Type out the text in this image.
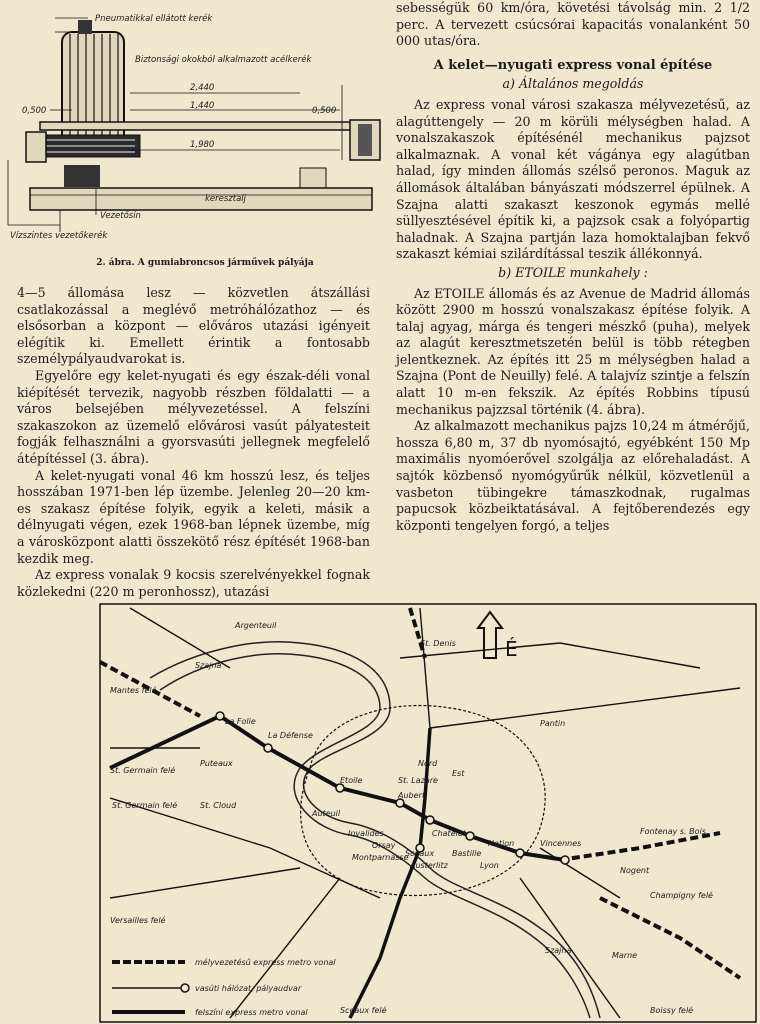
Pneumatikkal ellátott kerék
Biztonsági okokból alkalmazott acélkerék
2,440
1,440
0,500	0,500
1,980
keresztalj
Vezetősín
Vízszintes vezetőkerék
2. ábra. A gumiabroncsos járművek pályája

4—5 állomása lesz — közvetlen átszállási csatlakozással a meglévő metróhálózathoz — és elsősorban a központ — előváros utazási igényeit elégítik ki. Emellett érintik a fontosabb személypályaudvarokat is.

Egyelőre egy kelet-nyugati és egy észak-déli vonal kiépítését tervezik, nagyobb részben földalatti — a város belsejében mélyvezetéssel. A felszíni szakaszokon az üzemelő elővárosi vasút pályatesteit fogják felhasználni a gyorsvasúti jellegnek megfelelő átépítéssel (3. ábra).

A kelet-nyugati vonal 46 km hosszú lesz, és teljes hosszában 1971-ben lép üzembe. Jelenleg 20—20 km-es szakasz építése folyik, egyik a keleti, másik a délnyugati végen, ezek 1968-ban lépnek üzembe, míg a városközpont alatti összekötő rész építését 1968-ban kezdik meg.

Az express vonalak 9 kocsis szerelvényekkel fognak közlekedni (220 m peronhossz), utazási

sebességük 60 km/óra, követési távolság min. 2 1/2 perc. A tervezett csúcsórai kapacitás vonalanként 50 000 utas/óra.

A kelet—nyugati express vonal építése
a) Általános megoldás

Az express vonal városi szakasza mélyvezetésű, az alagúttengely — 20 m körüli mélységben halad. A vonalszakaszok építésénél mechanikus pajzsot alkalmaznak. A vonal két vágánya egy alagútban halad, így minden állomás szélső peronos. Maguk az állomások általában bányászati módszerrel épülnek. A Szajna alatti szakaszt keszonok egymás mellé süllyesztésével építik ki, a pajzsok csak a folyópartig haladnak. A Szajna partján laza homoktalajban fekvő szakaszt kémiai szilárdítással teszik állékonnyá.

b) ETOILE munkahely :

Az ETOILE állomás és az Avenue de Madrid állomás között 2900 m hosszú vonalszakasz építése folyik. A talaj agyag, márga és tengeri mészkő (puha), melyek az alagút keresztmetszetén belül is több rétegben jelentkeznek. Az építés itt 25 m mélységben halad a Szajna (Pont de Neuilly) felé. A talajvíz szintje a felszín alatt 10 m-en fekszik. Az építés Robbins típusú mechanikus pajzzsal történik (4. ábra).

Az alkalmazott mechanikus pajzs 10,24 m átmérőjű, hossza 6,80 m, 37 db nyomósajtó, egyébként 150 Mp maximális nyomóerővel szolgálja az előrehaladást. A sajtók közbenső nyomógyűrűk nélkül, közvetlenül a vasbeton tübingekre támaszkodnak, rugalmas papucsok közbeiktatásával. A fejtőberendezés egy központi tengelyen forgó, a teljes

É
Argenteuil
St. Denis
Szajna
Mantes felé
La Folie
La Défense
St. Germain felé
Puteaux
Etoile	St. Lazare
Nord
Est
Aubert
Pantin
St. Germain felé	St. Cloud
Auteuil
Invalides
Orsay
Chatelet
Bastille
Nation	Vincennes
Fontenay s. Bois
Montparnasse
Sceaux
Austerlitz	Lyon
Nogent
Champigny felé
Versailles felé
Szajna
Marne
Sceaux felé	Boissy felé
mélyvezetésű express metro vonal
vasúti hálózat, pályaudvar
felszíni express metro vonal
